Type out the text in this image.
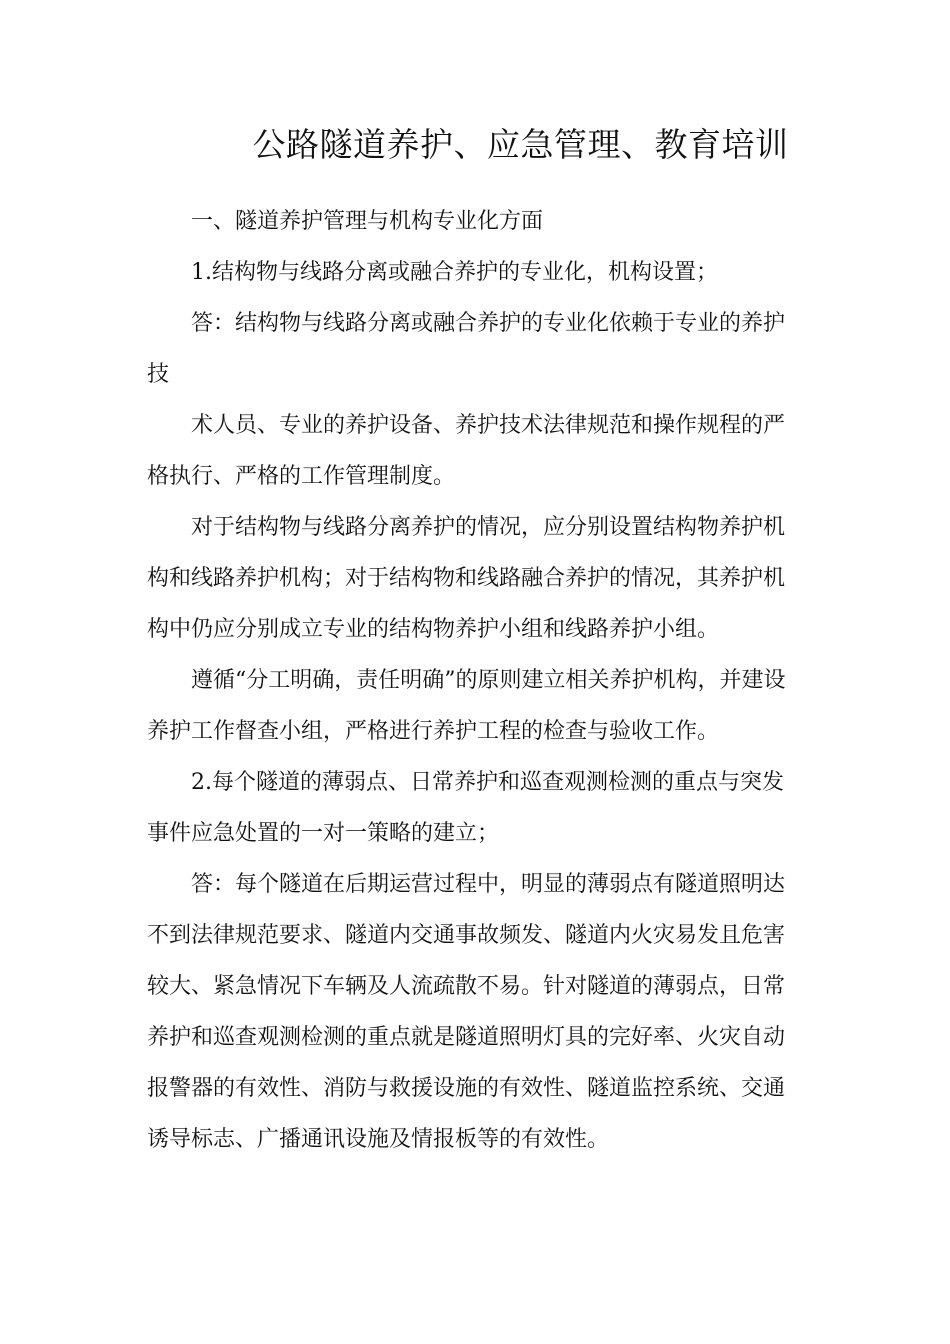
公路隧道养护、应急管理、教育培训

一、隧道养护管理与机构专业化方面

1.结构物与线路分离或融合养护的专业化，机构设置；

答：结构物与线路分离或融合养护的专业化依赖于专业的养护
技

术人员、专业的养护设备、养护技术法律规范和操作规程的严
格执行、严格的工作管理制度。

对于结构物与线路分离养护的情况，应分别设置结构物养护机
构和线路养护机构；对于结构物和线路融合养护的情况，其养护机
构中仍应分别成立专业的结构物养护小组和线路养护小组。

遵循“分工明确，责任明确”的原则建立相关养护机构，并建设
养护工作督查小组，严格进行养护工程的检查与验收工作。

2.每个隧道的薄弱点、日常养护和巡查观测检测的重点与突发
事件应急处置的一对一策略的建立；

答：每个隧道在后期运营过程中，明显的薄弱点有隧道照明达
不到法律规范要求、隧道内交通事故频发、隧道内火灾易发且危害
较大、紧急情况下车辆及人流疏散不易。针对隧道的薄弱点，日常
养护和巡查观测检测的重点就是隧道照明灯具的完好率、火灾自动
报警器的有效性、消防与救援设施的有效性、隧道监控系统、交通
诱导标志、广播通讯设施及情报板等的有效性。
